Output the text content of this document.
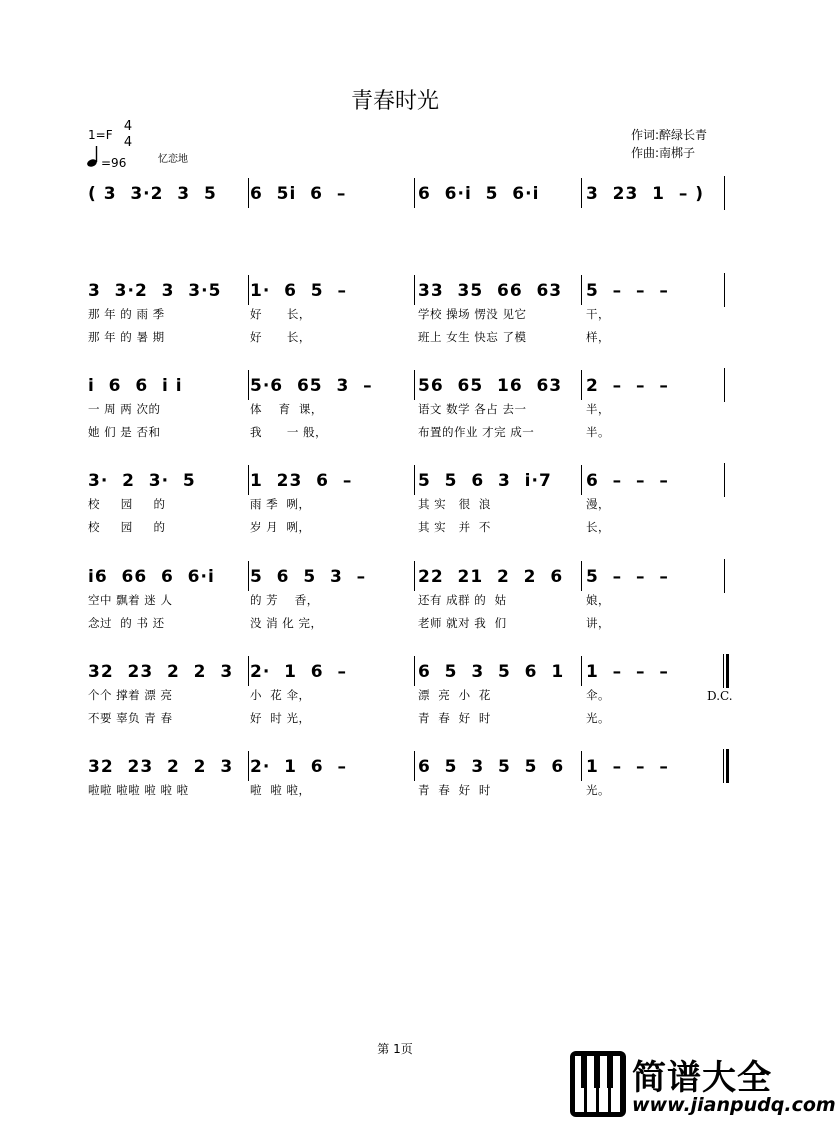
青春时光
1=F
4
4
=96	忆恋地
作词:醉绿长青
作曲:南梆子
( 3  3·2  3  5 6  5i  6  –	6  6·i  5  6·i	3  23  1  – )
3  3·2  3  3·5
那 年 的 雨 季
那 年 的 暑 期
1·  6  5  –
好      长，
好      长，
33  35  66  63
学校 操场 愣没 见它
班上 女生 快忘 了模
5  –  –  –
干，
样，
i  6  6  i i
一 周 两 次的
她 们 是 否和
5·6  65  3  –
体    育  课，
我      一 般，
56  65  16  63
语文 数学 各占 去一
布置的作业 才完 成一
2  –  –  –
半，
半。
3·  2  3·  5
校     园     的
校     园     的
1  23  6  –
雨 季  咧，
岁 月  咧，
5  5  6  3  i·7
其 实   很  浪
其 实   并  不
6  –  –  –
漫，
长，
i6  66  6  6·i
空中 飘着 迷 人
念过  的 书 还
5  6  5  3  –
的 芳    香，
没 消 化 完，
22  21  2  2  6
还有 成群 的  姑
老师 就对 我  们
5  –  –  –
娘，
讲，
32  23  2  2  3
个个 撑着 漂 亮
不要 辜负 青 春
2·  1  6  –
小  花 伞，
好  时 光，
6  5  3  5  6  1
漂  亮  小  花
青  春  好  时
1  –  –  –
伞。
光。
D.C.
32  23  2  2  3
啦啦 啦啦 啦 啦 啦
2·  1  6  –
啦  啦 啦，
6  5  3  5  5  6
青  春  好  时
1  –  –  –
光。
第 1页
简谱大全
www.jianpudq.com
